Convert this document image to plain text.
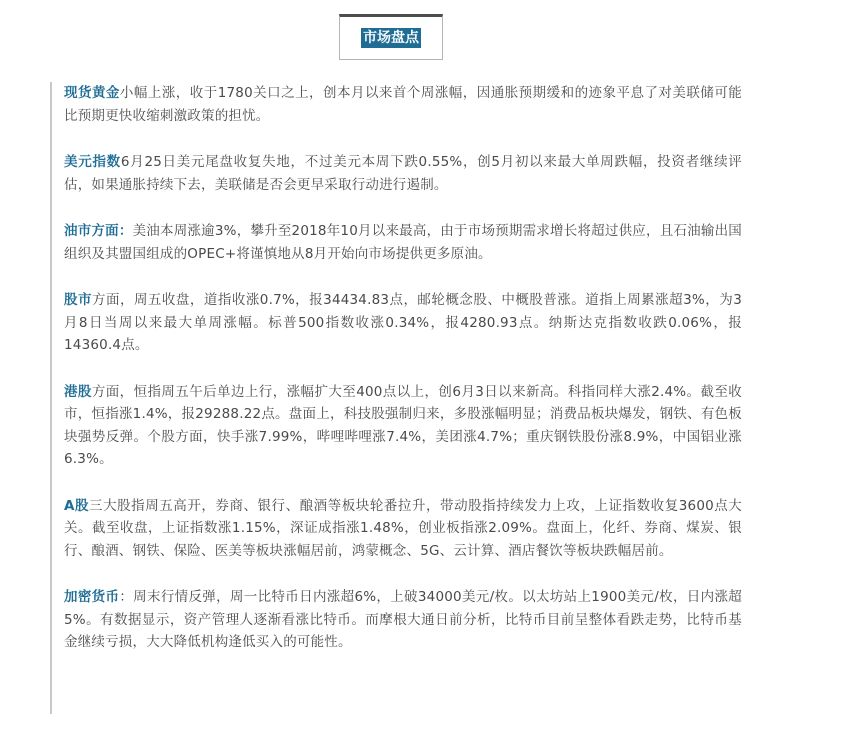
市场盘点

现货黄金小幅上涨，收于1780关口之上，创本月以来首个周涨幅，因通胀预期缓和的迹象平息了对美联储可能比预期更快收缩刺激政策的担忧。

美元指数6月25日美元尾盘收复失地，不过美元本周下跌0.55%，创5月初以来最大单周跌幅，投资者继续评估，如果通胀持续下去，美联储是否会更早采取行动进行遏制。

油市方面：美油本周涨逾3%，攀升至2018年10月以来最高，由于市场预期需求增长将超过供应，且石油输出国组织及其盟国组成的OPEC+将谨慎地从8月开始向市场提供更多原油。

股市方面，周五收盘，道指收涨0.7%，报34434.83点，邮轮概念股、中概股普涨。道指上周累涨超3%，为3月8日当周以来最大单周涨幅。标普500指数收涨0.34%，报4280.93点。纳斯达克指数收跌0.06%，报14360.4点。

港股方面，恒指周五午后单边上行，涨幅扩大至400点以上，创6月3日以来新高。科指同样大涨2.4%。截至收市，恒指涨1.4%，报29288.22点。盘面上，科技股强制归来，多股涨幅明显；消费品板块爆发，钢铁、有色板块强势反弹。个股方面，快手涨7.99%，哔哩哔哩涨7.4%，美团涨4.7%；重庆钢铁股份涨8.9%，中国铝业涨6.3%。

A股三大股指周五高开，券商、银行、酿酒等板块轮番拉升，带动股指持续发力上攻，上证指数收复3600点大关。截至收盘，上证指数涨1.15%，深证成指涨1.48%，创业板指涨2.09%。盘面上，化纤、券商、煤炭、银行、酿酒、钢铁、保险、医美等板块涨幅居前，鸿蒙概念、5G、云计算、酒店餐饮等板块跌幅居前。

加密货币：周末行情反弹，周一比特币日内涨超6%，上破34000美元/枚。以太坊站上1900美元/枚，日内涨超5%。有数据显示，资产管理人逐渐看涨比特币。而摩根大通日前分析，比特币目前呈整体看跌走势，比特币基金继续亏损，大大降低机构逢低买入的可能性。
